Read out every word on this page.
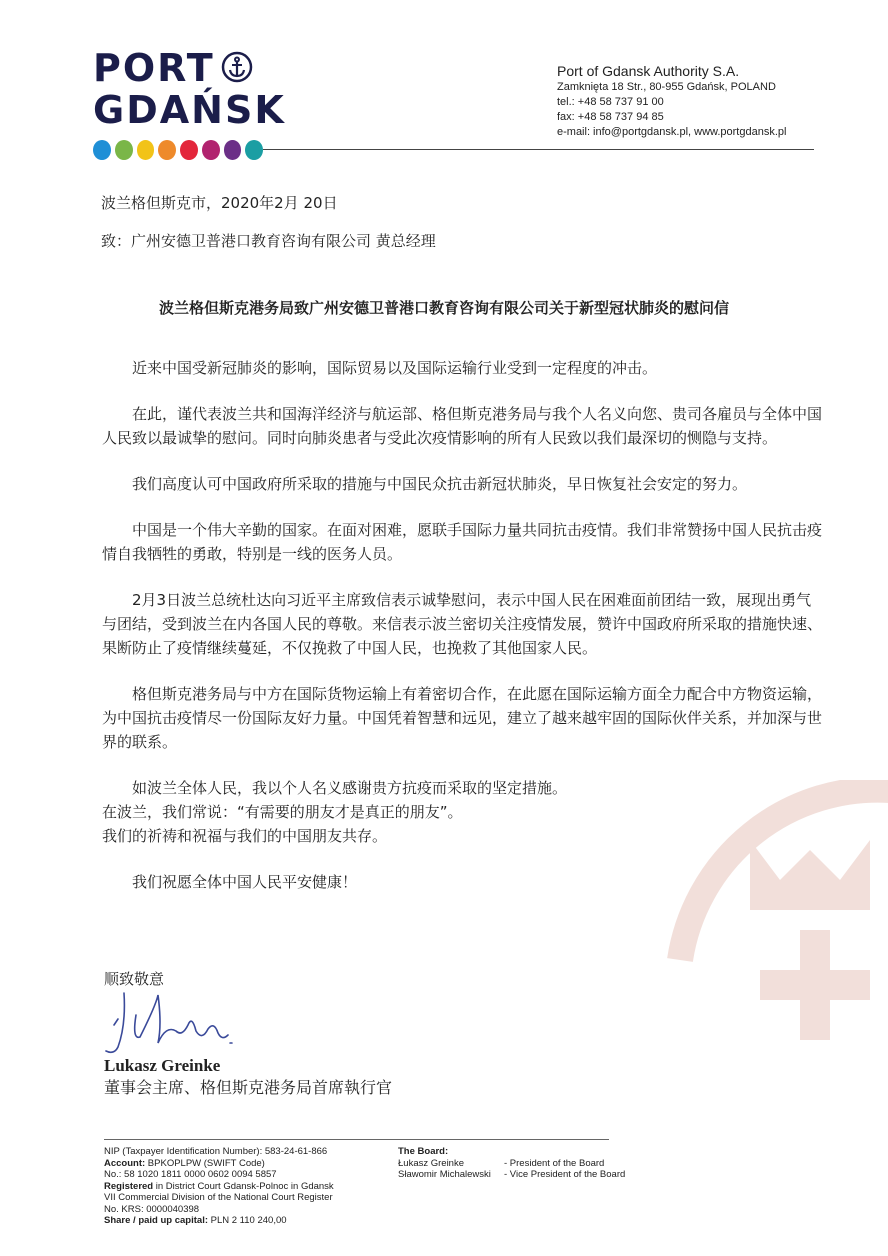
PORT
GDAŃSK
Port of Gdansk Authority S.A.
Zamknięta 18 Str., 80-955 Gdańsk, POLAND
tel.: +48 58 737 91 00
fax: +48 58 737 94 85
e-mail: info@portgdansk.pl, www.portgdansk.pl
波兰格但斯克市，2020年2月 20日
致：广州安德卫普港口教育咨询有限公司 黄总经理
波兰格但斯克港务局致广州安德卫普港口教育咨询有限公司关于新型冠状肺炎的慰问信

近来中国受新冠肺炎的影响，国际贸易以及国际运输行业受到一定程度的冲击。

在此，谨代表波兰共和国海洋经济与航运部、格但斯克港务局与我个人名义向您、贵司各雇员与全体中国人民致以最诚挚的慰问。同时向肺炎患者与受此次疫情影响的所有人民致以我们最深切的恻隐与支持。

我们高度认可中国政府所采取的措施与中国民众抗击新冠状肺炎，早日恢复社会安定的努力。

中国是一个伟大辛勤的国家。在面对困难，愿联手国际力量共同抗击疫情。我们非常赞扬中国人民抗击疫情自我牺牲的勇敢，特别是一线的医务人员。

2月3日波兰总统杜达向习近平主席致信表示诚挚慰问，表示中国人民在困难面前团结一致，展现出勇气与团结，受到波兰在内各国人民的尊敬。来信表示波兰密切关注疫情发展，赞许中国政府所采取的措施快速、果断防止了疫情继续蔓延，不仅挽救了中国人民，也挽救了其他国家人民。

格但斯克港务局与中方在国际货物运输上有着密切合作，在此愿在国际运输方面全力配合中方物资运输，为中国抗击疫情尽一份国际友好力量。中国凭着智慧和远见，建立了越来越牢固的国际伙伴关系，并加深与世界的联系。

如波兰全体人民，我以个人名义感谢贵方抗疫而采取的坚定措施。

在波兰，我们常说：“有需要的朋友才是真正的朋友”。

我们的祈祷和祝福与我们的中国朋友共存。

我们祝愿全体中国人民平安健康！

顺致敬意
Lukasz Greinke
董事会主席、格但斯克港务局首席執行官
NIP (Taxpayer Identification Number): 583-24-61-866
Account: BPKOPLPW (SWIFT Code)
No.: 58 1020 1811 0000 0602 0094 5857
Registered in District Court Gdansk-Polnoc in Gdansk
VII Commercial Division of the National Court Register
No. KRS: 0000040398
Share / paid up capital: PLN 2 110 240,00
The Board:
Łukasz Greinke	- President of the Board
Sławomir Michalewski	- Vice President of the Board
